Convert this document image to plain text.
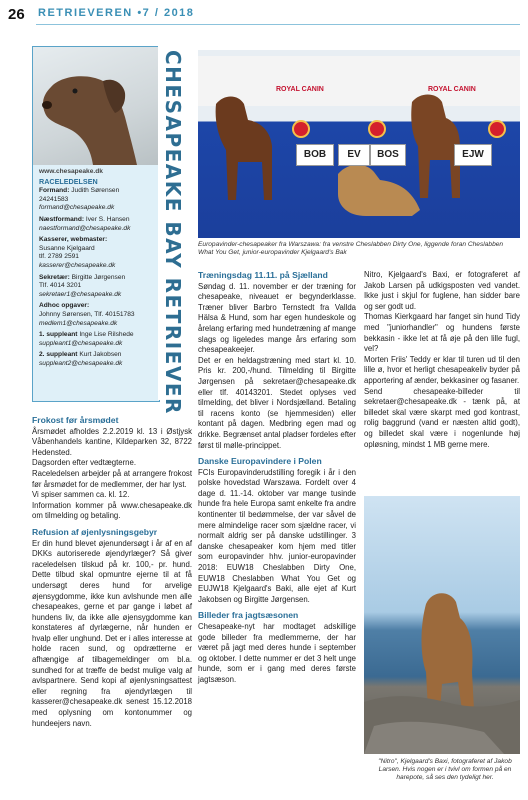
26 RETRIEVEREN •7 / 2018
www.chesapeake.dk
RACELEDELSEN
Formand: Judith Sørensen
24241583
formand@chesapeake.dk
Næstformand: Iver S. Hansen
naestformand@chesapeake.dk
Kasserer, webmaster:
Susanne Kjelgaard
tlf. 2789 2591
kasserer@chesapeake.dk
Sekretær: Birgitte Jørgensen
Tlf. 4014 3201
sekretaer1@chesapeake.dk
Adhoc opgaver:
Johnny Sørensen, Tlf. 40151783
medlem1@chesapeake.dk
1. suppleant Inge Lise Rilshede
suppleant1@chesapeake.dk
2. suppleant Kurt Jakobsen
suppleant2@chesapeake.dk	CHESAPEAKE BAY RETRIEVER
Frokost før årsmødet

Årsmødet afholdes 2.2.2019 kl. 13 i Østjysk Våbenhandels kantine, Kildeparken 32, 8722 Hedensted.

Dagsorden efter vedtægterne.

Raceledelsen arbejder på at arrangere frokost før årsmødet for de medlemmer, der har lyst.

Vi spiser sammen ca. kl. 12.

Information kommer på www.chesapeake.dk om tilmelding og betaling.

Refusion af øjenlysningsgebyr

Er din hund blevet øjenundersøgt i år af en af DKKs autoriserede øjendyrlæger? Så giver raceledelsen tilskud på kr. 100,- pr. hund. Dette tilbud skal opmuntre ejerne til at få undersøgt deres hund for arvelige øjensygdomme, ikke kun avlshunde men alle chesapeakes, gerne et par gange i løbet af hundens liv, da ikke alle øjensygdomme kan konstateres af dyrlægerne, når hunden er hvalp eller unghund. Det er i alles interesse at holde racen sund, og opdrætterne er afhængige af tilbagemeldinger om bl.a. sundhed for at træffe de bedst mulige valg af avlspartnere. Send kopi af øjenlysningsattest eller regning fra øjendyrlægen til kasserer@chesapeake.dk senest 15.12.2018 med oplysning om kontonummer og hundeejers navn.

ROYAL CANIN	ROYAL CANIN
BOB	EV	BOS	EJW
Europavinder-chesapeaker fra Warszawa: fra venstre Cheslabben Dirty One, liggende foran Cheslabben What You Get, junior-europavinder Kjelgaard's Bak
Træningsdag 11.11. på Sjælland

Søndag d. 11. november er der træning for chesapeake, niveauet er begynderklasse. Træner bliver Barbro Ternstedt fra Vallda Hälsa & Hund, som har egen hundeskole og årelang erfaring med hundetræning af mange slags og ligeledes mange års erfaring som chesapeakeejer.

Det er en heldagstræning med start kl. 10. Pris kr. 200,-/hund. Tilmelding til Birgitte Jørgensen på sekretaer@chesapeake.dk eller tlf. 40143201. Stedet oplyses ved tilmelding, det bliver i Nordsjælland. Betaling til racens konto (se hjemmesiden) eller kontant på dagen. Medbring egen mad og drikke. Begrænset antal pladser fordeles efter først til mølle-princippet.

Danske Europavindere i Polen

FCIs Europavinderudstilling foregik i år i den polske hovedstad Warszawa. Fordelt over 4 dage d. 11.-14. oktober var mange tusinde hunde fra hele Europa samt enkelte fra andre kontinenter til bedømmelse, der var såvel de mere almindelige racer som sjældne racer, vi normalt aldrig ser på danske udstillinger. 3 danske chesapeaker kom hjem med titler som europavinder hhv. junior-europavinder 2018: EUW18 Cheslabben Dirty One, EUW18 Cheslabben What You Get og EUJW18 Kjelgaard's Baki, alle ejet af Kurt Jakobsen og Birgitte Jørgensen.

Billeder fra jagtsæsonen

Chesapeake-nyt har modtaget adskillige gode billeder fra medlemmerne, der har været på jagt med deres hunde i september og oktober. I dette nummer er det 3 helt unge hunde, som er i gang med deres første jagtsæson.

Nitro, Kjelgaard's Baxi, er fotograferet af Jakob Larsen på udkigsposten ved vandet. Ikke just i skjul for fuglene, han sidder bare og ser godt ud.

Thomas Kierkgaard har fanget sin hund Tidy med "juniorhandler" og hundens første bekkasin - ikke let at få øje på den lille fugl, vel?

Morten Friis' Teddy er klar til turen ud til den lille ø, hvor et herligt chesapeakeliv byder på apportering af ænder, bekkasiner og fasaner.

Send chesapeake-billeder til sekretaer@chesapeake.dk - tænk på, at billedet skal være skarpt med god kontrast, rolig baggrund (vand er næsten altid godt), og billedet skal være i nogenlunde høj opløsning, mindst 1 MB gerne mere.

"Nitro", Kjelgaard's Baxi, fotograferet af Jakob Larsen. Hvis nogen er i tvivl om formen på en harepote, så ses den tydeligt her.
